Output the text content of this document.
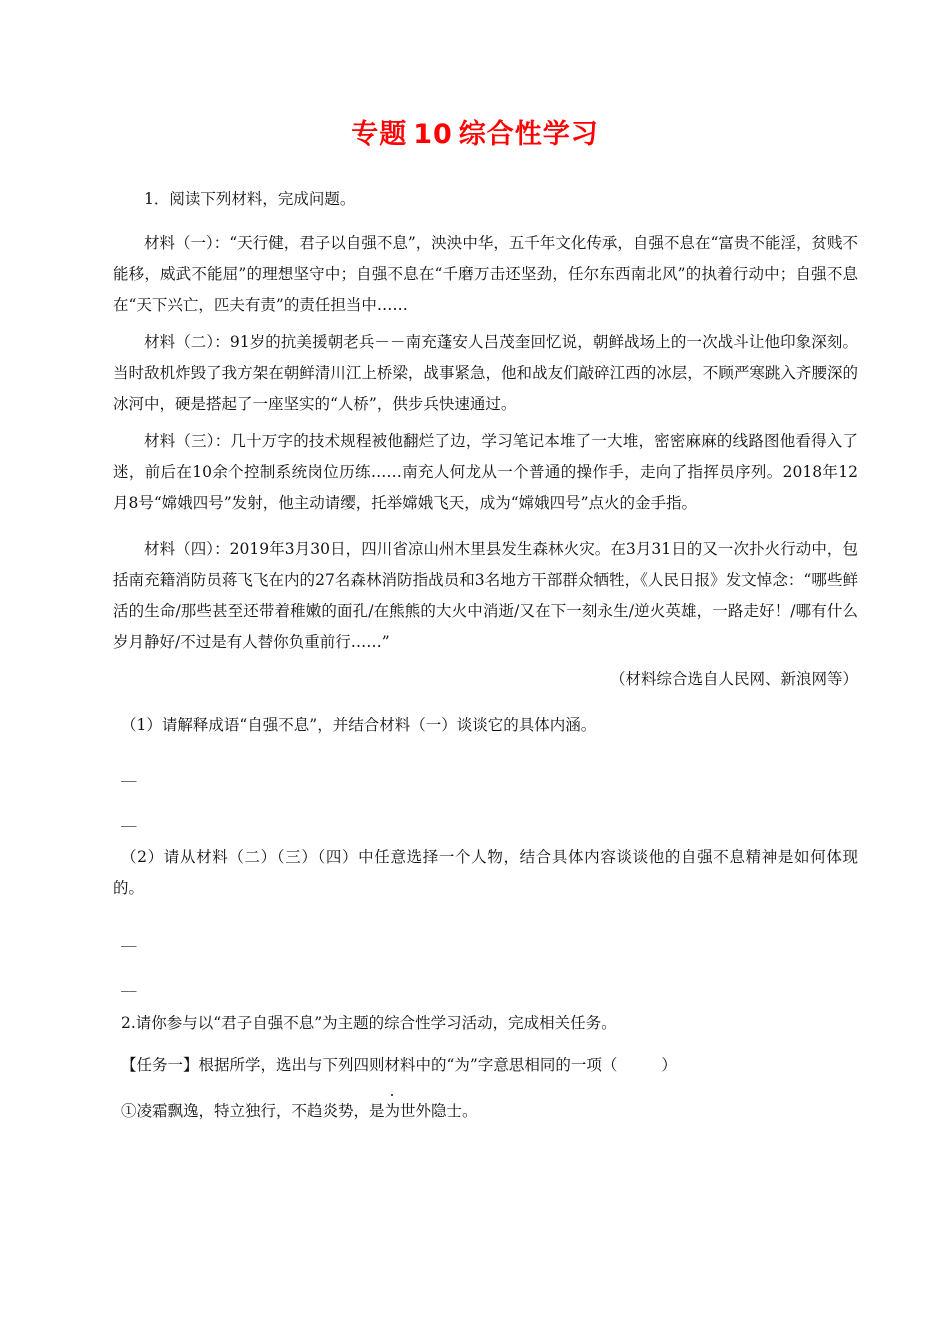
专题 10 综合性学习
1．阅读下列材料，完成问题。
材料（一）：“天行健，君子以自强不息”，泱泱中华，五千年文化传承，自强不息在“富贵不能淫，贫贱不能移，威武不能屈”的理想坚守中；自强不息在“千磨万击还坚劲，任尔东西南北风”的执着行动中；自强不息在“天下兴亡，匹夫有责”的责任担当中……
材料（二）：91岁的抗美援朝老兵－－南充蓬安人吕茂奎回忆说，朝鲜战场上的一次战斗让他印象深刻。当时敌机炸毁了我方架在朝鲜清川江上桥梁，战事紧急，他和战友们敲碎江西的冰层，不顾严寒跳入齐腰深的冰河中，硬是搭起了一座坚实的“人桥”，供步兵快速通过。
材料（三）：几十万字的技术规程被他翻烂了边，学习笔记本堆了一大堆，密密麻麻的线路图他看得入了迷，前后在10余个控制系统岗位历练……南充人何龙从一个普通的操作手，走向了指挥员序列。2018年12月8号“嫦娥四号”发射，他主动请缨，托举嫦娥飞天，成为“嫦娥四号”点火的金手指。
材料（四）：2019年3月30日，四川省凉山州木里县发生森林火灾。在3月31日的又一次扑火行动中，包括南充籍消防员蒋飞飞在内的27名森林消防指战员和3名地方干部群众牺牲，《人民日报》发文悼念：“哪些鲜活的生命/那些甚至还带着稚嫩的面孔/在熊熊的大火中消逝/又在下一刻永生/逆火英雄，一路走好！/哪有什么岁月静好/不过是有人替你负重前行……”
（材料综合选自人民网、新浪网等）
（1）请解释成语“自强不息”，并结合材料（一）谈谈它的具体内涵。
__
__
（2）请从材料（二）（三）（四）中任意选择一个人物，结合具体内容谈谈他的自强不息精神是如何体现的。
__
__
2.请你参与以“君子自强不息”为主题的综合性学习活动，完成相关任务。
【任务一】根据所学，选出与下列四则材料中的“为”字意思相同的一项（	）
①凌霜飘逸，特立独行，不趋炎势，是为世外隐士。
